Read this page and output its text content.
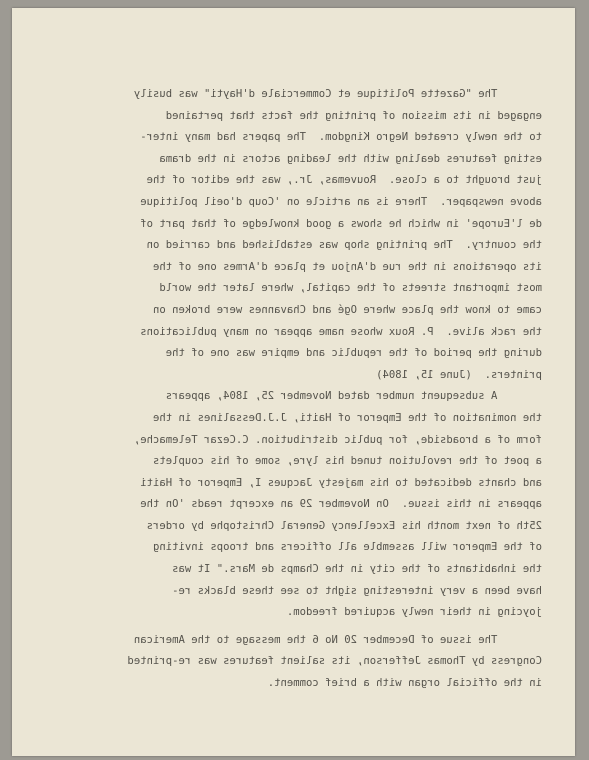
The "Gazette Politique et Commerciale d'Hayti" was busily
engaged in its mission of printing the facts that pertained
to the newly created Negro Kingdom.  The papers had many inter-
esting features dealing with the leading actors in the drama
just brought to a close.  Rouvemas, Jr., was the editor of the
above newspaper.  There is an article on 'Coup d'oeil politique
de l'Europe' in which he shows a good knowledge of that part of
the country.  The printing shop was established and carried on
its operations in the rue d'Anjou et place d'Armes one of the
most important streets of the capital, where later the world
came to know the place where Ogé and Chavannes were broken on
the rack alive.  P. Roux whose name appear on many publications
during the period of the republic and empire was one of the
printers.  (June 15, 1804)
A subsequent number dated November 25, 1804, appears
the nomination of the Emperor of Haiti, J.J.Dessalines in the
form of a broadside, for public distribution. C.Cezar Telemache,
a poet of the revolution tuned his lyre, some of his couplets
and chants dedicated to his majesty Jacques I, Emperor of Haiti
appears in this issue.  On November 29 an excerpt reads 'On the
25th of next month his Excellency General Christophe by orders
of the Emperor will assemble all officers and troops inviting
the inhabitants of the city in the Champs de Mars." It was
have been a very interesting sight to see these blacks re-
joycing in their newly acquired freedom.
The issue of December 20 No 6 the message to the American
Congress by Thomas Jefferson, its salient features was re-printed
in the official organ with a brief comment.
